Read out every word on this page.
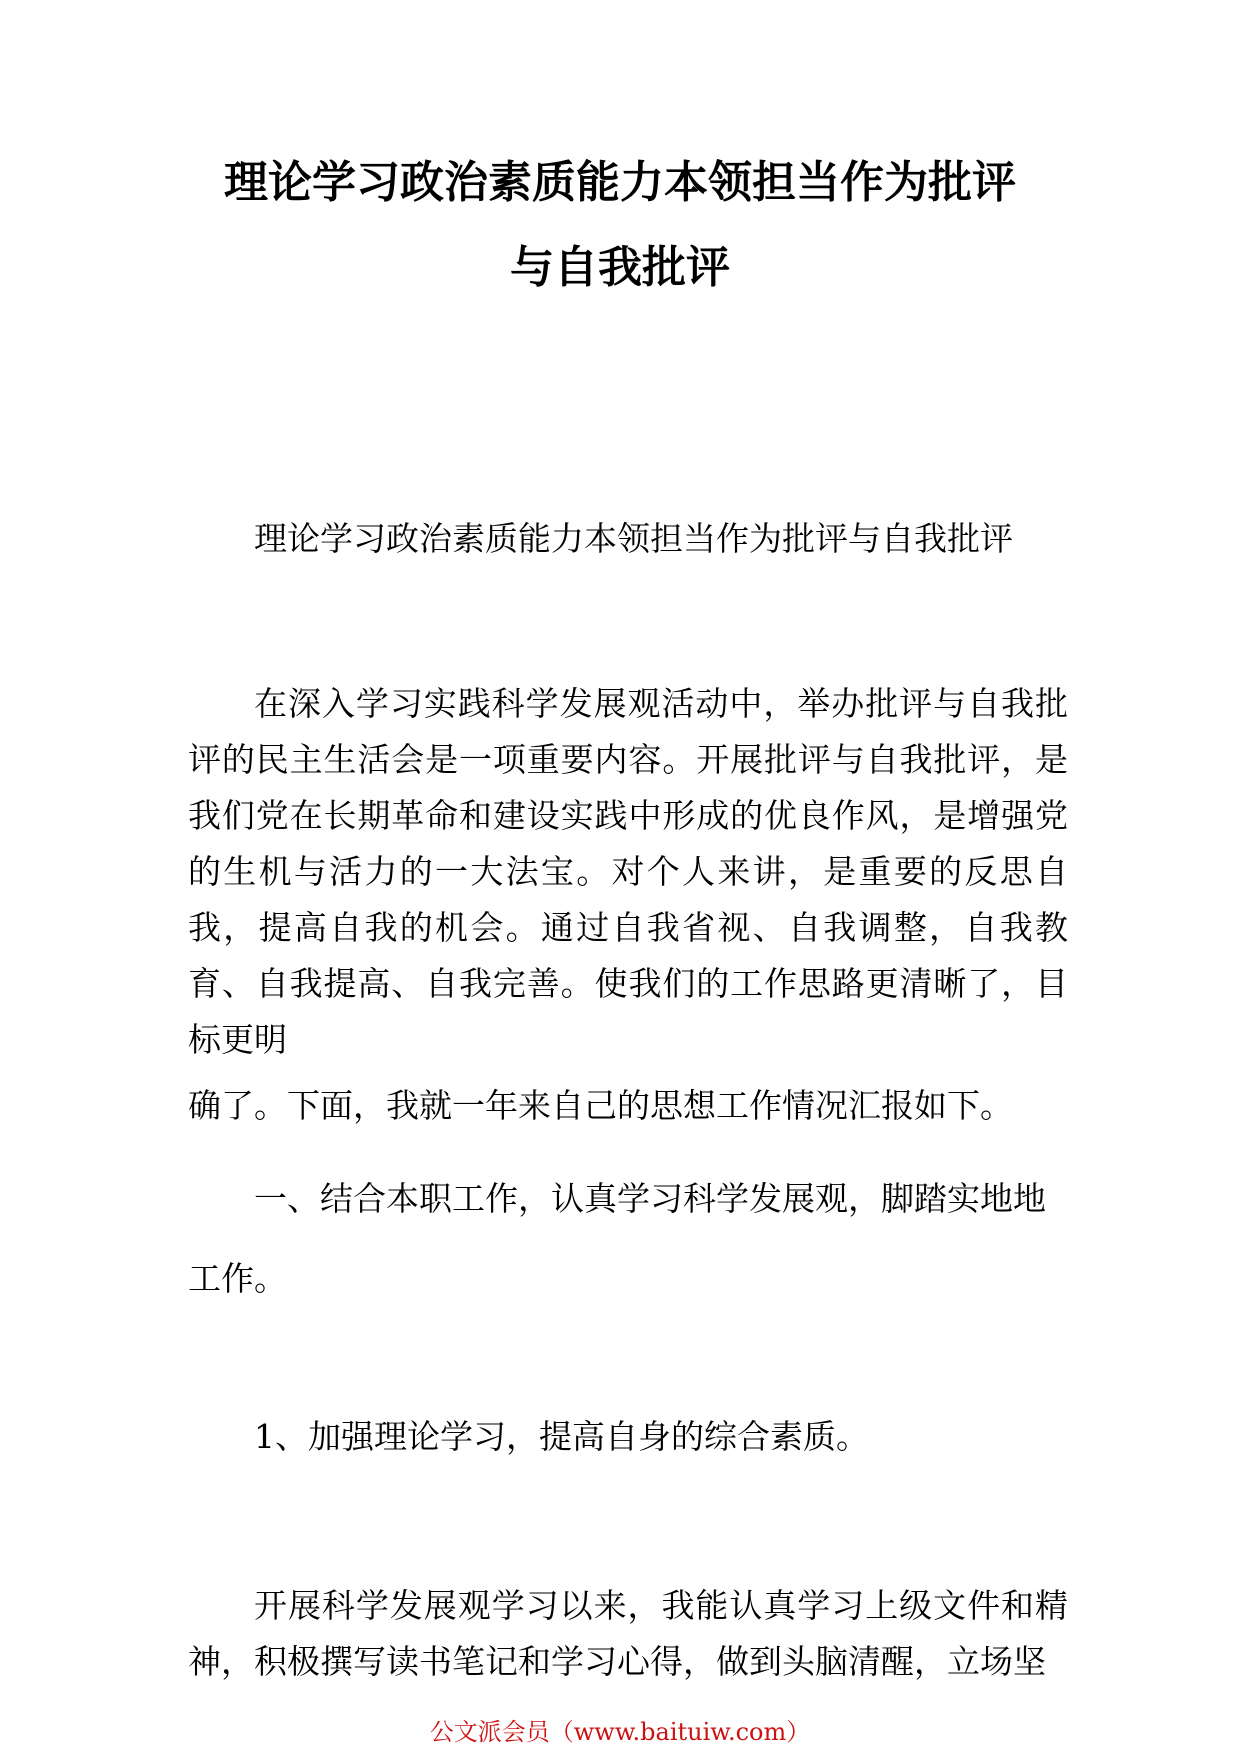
理论学习政治素质能力本领担当作为批评
与自我批评

理论学习政治素质能力本领担当作为批评与自我批评

在深入学习实践科学发展观活动中，举办批评与自我批评的民主生活会是一项重要内容。开展批评与自我批评，是我们党在长期革命和建设实践中形成的优良作风，是增强党的生机与活力的一大法宝。对个人来讲，是重要的反思自我，提高自我的机会。通过自我省视、自我调整，自我教育、自我提高、自我完善。使我们的工作思路更清晰了，目标更明
确了。下面，我就一年来自己的思想工作情况汇报如下。

一、结合本职工作，认真学习科学发展观，脚踏实地地

工作。

1、加强理论学习，提高自身的综合素质。

开展科学发展观学习以来，我能认真学习上级文件和精神，积极撰写读书笔记和学习心得，做到头脑清醒，立场坚

公文派会员（www.baituiw.com）
